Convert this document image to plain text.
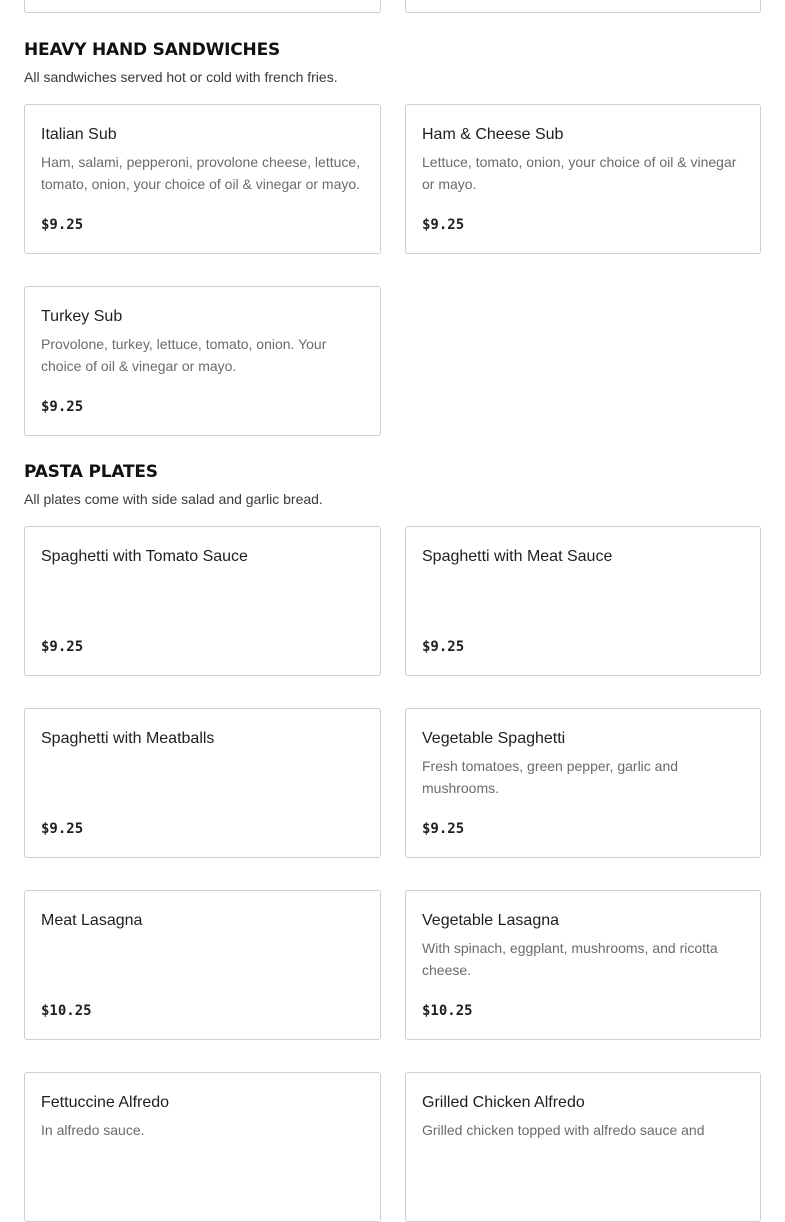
HEAVY HAND SANDWICHES

All sandwiches served hot or cold with french fries.

Italian Sub
Ham, salami, pepperoni, provolone cheese, lettuce, tomato, onion, your choice of oil & vinegar or mayo.
$9.25
Ham & Cheese Sub
Lettuce, tomato, onion, your choice of oil & vinegar or mayo.
$9.25
Turkey Sub
Provolone, turkey, lettuce, tomato, onion. Your choice of oil & vinegar or mayo.
$9.25
PASTA PLATES

All plates come with side salad and garlic bread.

Spaghetti with Tomato Sauce
$9.25
Spaghetti with Meat Sauce
$9.25
Spaghetti with Meatballs
$9.25
Vegetable Spaghetti
Fresh tomatoes, green pepper, garlic and mushrooms.
$9.25
Meat Lasagna
$10.25
Vegetable Lasagna
With spinach, eggplant, mushrooms, and ricotta cheese.
$10.25
Fettuccine Alfredo
In alfredo sauce.
Grilled Chicken Alfredo
Grilled chicken topped with alfredo sauce and
